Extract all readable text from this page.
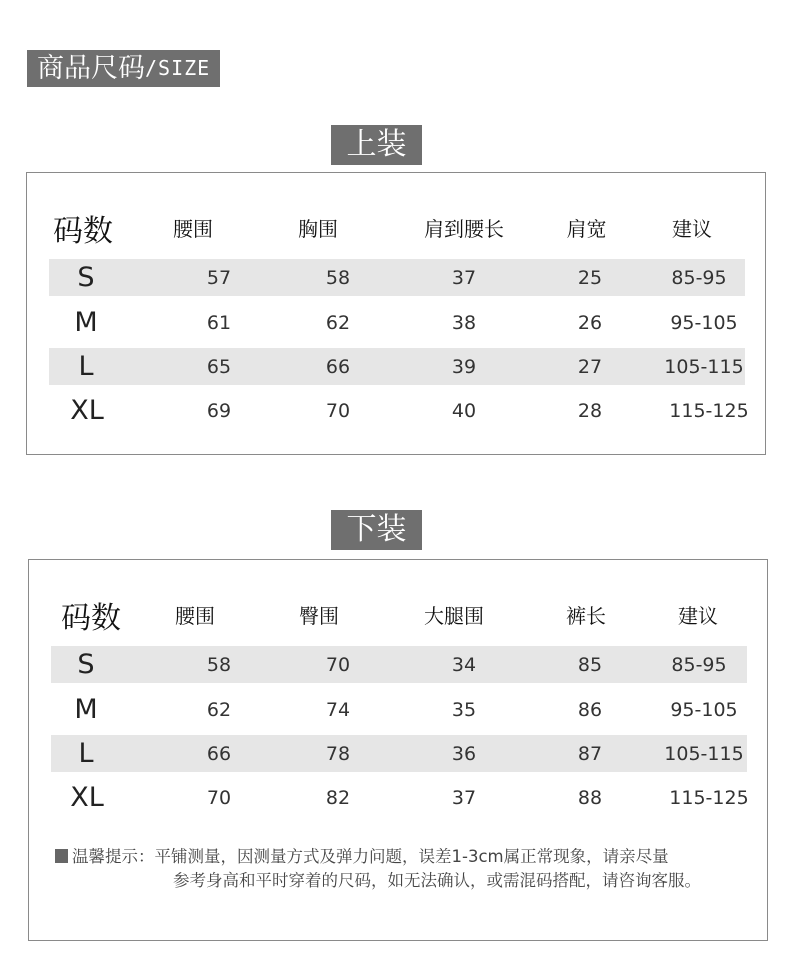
商品尺码 /SIZE
上装
码数	腰围	胸围	肩到腰长	肩宽	建议
S	57	58	37	25	85-95
M	61	62	38	26	95-105
L	65	66	39	27	105-115
XL	69	70	40	28	115-125
下装
码数	腰围	臀围	大腿围	裤长	建议
S	58	70	34	85	85-95
M	62	74	35	86	95-105
L	66	78	36	87	105-115
XL	70	82	37	88	115-125
温馨提示：平铺测量，因测量方式及弹力问题，误差1-3cm属正常现象，请亲尽量
参考身高和平时穿着的尺码，如无法确认，或需混码搭配，请咨询客服。
